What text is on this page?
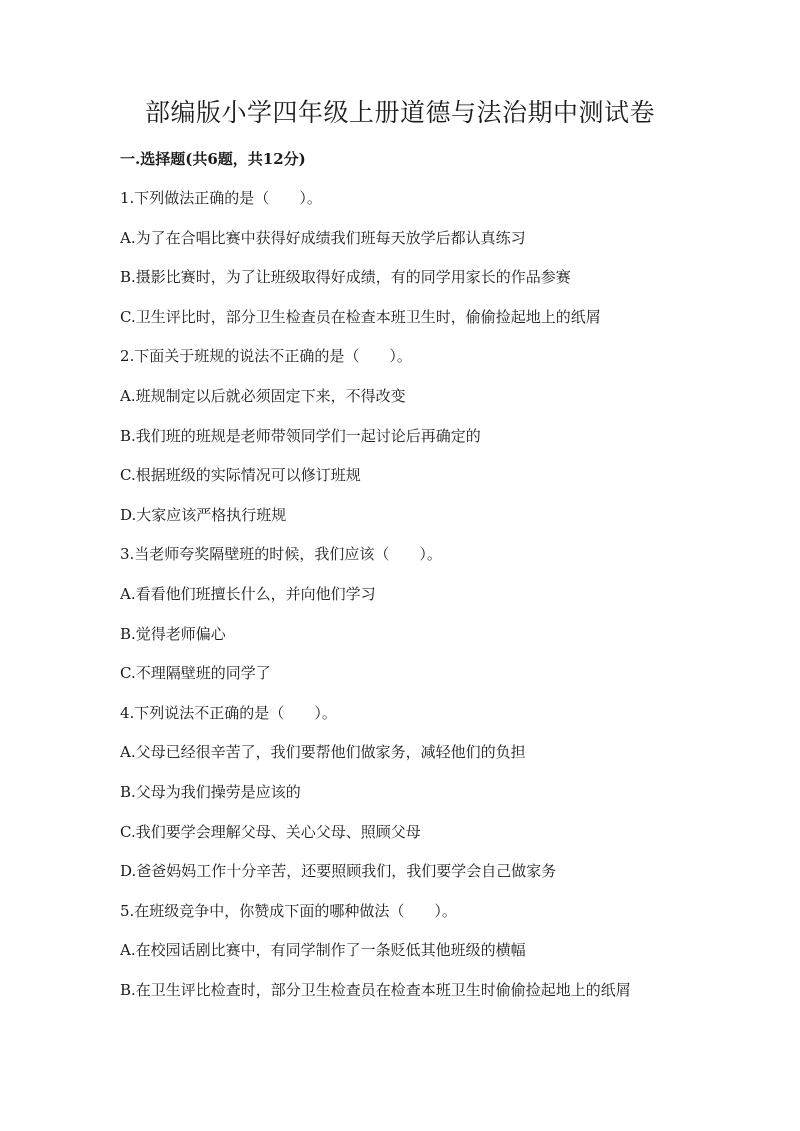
部编版小学四年级上册道德与法治期中测试卷

一.选择题(共6题，共12分)

1.下列做法正确的是（　　）。

A.为了在合唱比赛中获得好成绩我们班每天放学后都认真练习

B.摄影比赛时，为了让班级取得好成绩，有的同学用家长的作品参赛

C.卫生评比时，部分卫生检查员在检查本班卫生时，偷偷捡起地上的纸屑

2.下面关于班规的说法不正确的是（　　）。

A.班规制定以后就必须固定下来，不得改变

B.我们班的班规是老师带领同学们一起讨论后再确定的

C.根据班级的实际情况可以修订班规

D.大家应该严格执行班规

3.当老师夸奖隔壁班的时候，我们应该（　　）。

A.看看他们班擅长什么，并向他们学习

B.觉得老师偏心

C.不理隔壁班的同学了

4.下列说法不正确的是（　　）。

A.父母已经很辛苦了，我们要帮他们做家务，减轻他们的负担

B.父母为我们操劳是应该的

C.我们要学会理解父母、关心父母、照顾父母

D.爸爸妈妈工作十分辛苦，还要照顾我们，我们要学会自己做家务

5.在班级竞争中，你赞成下面的哪种做法（　　）。

A.在校园话剧比赛中，有同学制作了一条贬低其他班级的横幅

B.在卫生评比检查时，部分卫生检查员在检查本班卫生时偷偷捡起地上的纸屑
